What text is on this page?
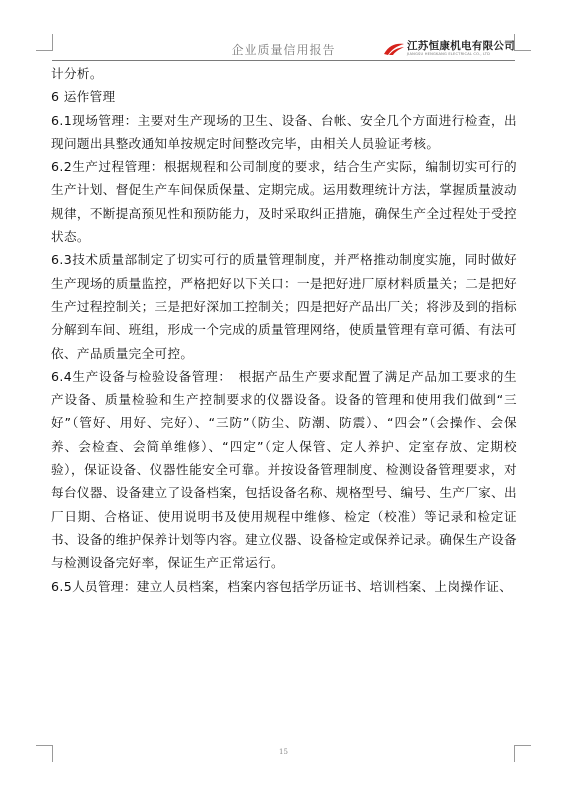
企业质量信用报告	江苏恒康机电有限公司
JIANGSU HENGKANG ELECTRICAL CO., LTD

计分析。

6 运作管理

6.1现场管理：主要对生产现场的卫生、设备、台帐、安全几个方面进行检查，出现问题出具整改通知单按规定时间整改完毕，由相关人员验证考核。

6.2生产过程管理：根据规程和公司制度的要求，结合生产实际，编制切实可行的生产计划、督促生产车间保质保量、定期完成。运用数理统计方法，掌握质量波动规律，不断提高预见性和预防能力，及时采取纠正措施，确保生产全过程处于受控状态。

6.3技术质量部制定了切实可行的质量管理制度，并严格推动制度实施，同时做好生产现场的质量监控，严格把好以下关口：一是把好进厂原材料质量关；二是把好生产过程控制关；三是把好深加工控制关；四是把好产品出厂关；将涉及到的指标分解到车间、班组，形成一个完成的质量管理网络，使质量管理有章可循、有法可依、产品质量完全可控。

6.4生产设备与检验设备管理：　根据产品生产要求配置了满足产品加工要求的生产设备、质量检验和生产控制要求的仪器设备。设备的管理和使用我们做到“三好”（管好、用好、完好）、“三防”（防尘、防潮、防震）、“四会”（会操作、会保养、会检查、会简单维修）、“四定”（定人保管、定人养护、定室存放、定期校验），保证设备、仪器性能安全可靠。并按设备管理制度、检测设备管理要求，对每台仪器、设备建立了设备档案，包括设备名称、规格型号、编号、生产厂家、出厂日期、合格证、使用说明书及使用规程中维修、检定（校准）等记录和检定证书、设备的维护保养计划等内容。建立仪器、设备检定或保养记录。确保生产设备与检测设备完好率，保证生产正常运行。

6.5人员管理：建立人员档案，档案内容包括学历证书、培训档案、上岗操作证、

15
